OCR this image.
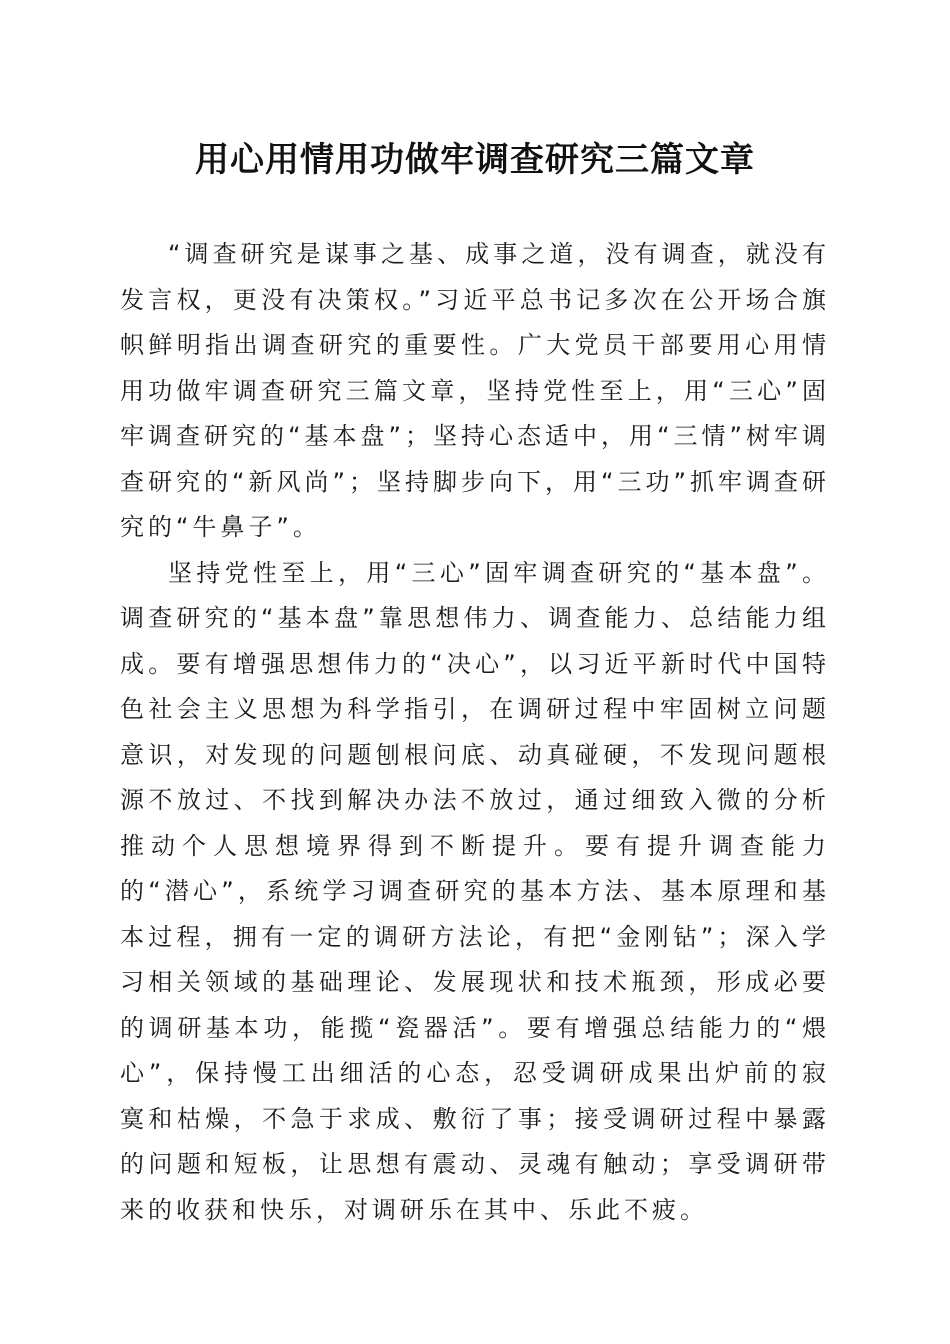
用心用情用功做牢调查研究三篇文章

“调查研究是谋事之基、成事之道，没有调查，就没有发言权，更没有决策权。”习近平总书记多次在公开场合旗帜鲜明指出调查研究的重要性。广大党员干部要用心用情用功做牢调查研究三篇文章，坚持党性至上，用“三心”固牢调查研究的“基本盘”；坚持心态适中，用“三情”树牢调查研究的“新风尚”；坚持脚步向下，用“三功”抓牢调查研究的“牛鼻子”。

坚持党性至上，用“三心”固牢调查研究的“基本盘”。调查研究的“基本盘”靠思想伟力、调查能力、总结能力组成。要有增强思想伟力的“决心”，以习近平新时代中国特色社会主义思想为科学指引，在调研过程中牢固树立问题意识，对发现的问题刨根问底、动真碰硬，不发现问题根源不放过、不找到解决办法不放过，通过细致入微的分析推动个人思想境界得到不断提升。要有提升调查能力的“潜心”，系统学习调查研究的基本方法、基本原理和基本过程，拥有一定的调研方法论，有把“金刚钻”；深入学习相关领域的基础理论、发展现状和技术瓶颈，形成必要的调研基本功，能揽“瓷器活”。要有增强总结能力的“煨心”，保持慢工出细活的心态，忍受调研成果出炉前的寂寞和枯燥，不急于求成、敷衍了事；接受调研过程中暴露的问题和短板，让思想有震动、灵魂有触动；享受调研带来的收获和快乐，对调研乐在其中、乐此不疲。
